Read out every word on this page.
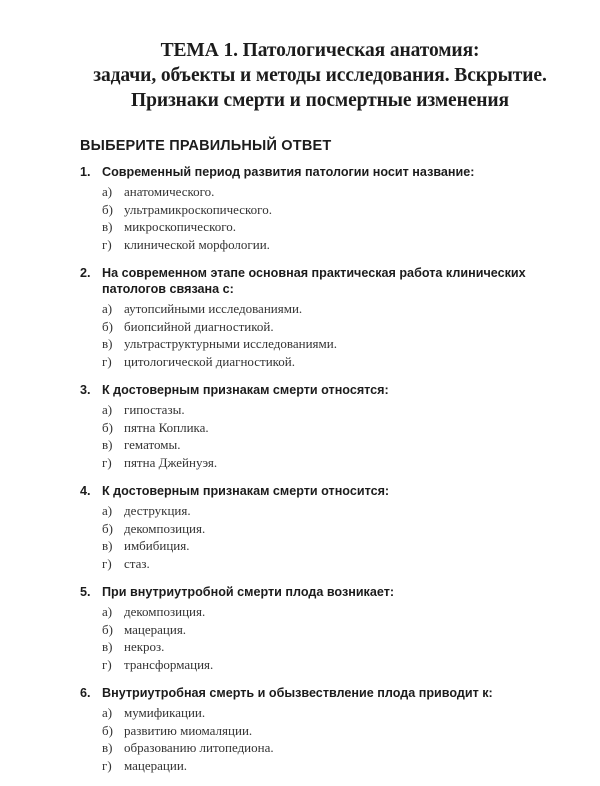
ТЕМА 1. Патологическая анатомия:
задачи, объекты и методы исследования. Вскрытие.
Признаки смерти и посмертные изменения
ВЫБЕРИТЕ ПРАВИЛЬНЫЙ ОТВЕТ
1. Современный период развития патологии носит название:
а) анатомического.
б) ультрамикроскопического.
в) микроскопического.
г) клинической морфологии.
2. На современном этапе основная практическая работа клинических патологов связана с:
а) аутопсийными исследованиями.
б) биопсийной диагностикой.
в) ультраструктурными исследованиями.
г) цитологической диагностикой.
3. К достоверным признакам смерти относятся:
а) гипостазы.
б) пятна Коплика.
в) гематомы.
г) пятна Джейнуэя.
4. К достоверным признакам смерти относится:
а) деструкция.
б) декомпозиция.
в) имбибиция.
г) стаз.
5. При внутриутробной смерти плода возникает:
а) декомпозиция.
б) мацерация.
в) некроз.
г) трансформация.
6. Внутриутробная смерть и обызвествление плода приводит к:
а) мумификации.
б) развитию миомаляции.
в) образованию литопедиона.
г) мацерации.
